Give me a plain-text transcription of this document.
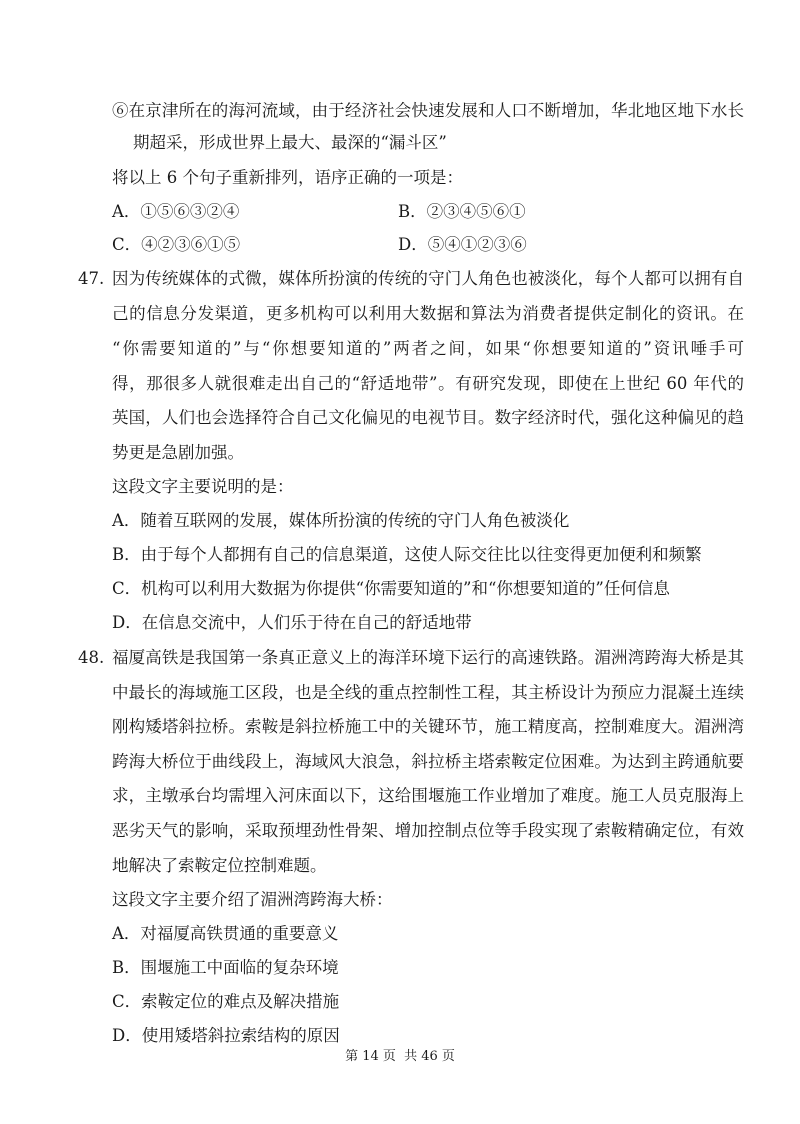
⑥在京津所在的海河流域，由于经济社会快速发展和人口不断增加，华北地区地下水长
期超采，形成世界上最大、最深的“漏斗区”
将以上 6 个句子重新排列，语序正确的一项是：
A．①⑤⑥③②④	B．②③④⑤⑥①
C．④②③⑥①⑤	D．⑤④①②③⑥
47. 因为传统媒体的式微，媒体所扮演的传统的守门人角色也被淡化，每个人都可以拥有自
己的信息分发渠道，更多机构可以利用大数据和算法为消费者提供定制化的资讯。在
“你需要知道的”与“你想要知道的”两者之间，如果“你想要知道的”资讯唾手可
得，那很多人就很难走出自己的“舒适地带”。有研究发现，即使在上世纪 60 年代的
英国，人们也会选择符合自己文化偏见的电视节目。数字经济时代，强化这种偏见的趋
势更是急剧加强。
这段文字主要说明的是：
A．随着互联网的发展，媒体所扮演的传统的守门人角色被淡化
B．由于每个人都拥有自己的信息渠道，这使人际交往比以往变得更加便利和频繁
C．机构可以利用大数据为你提供“你需要知道的”和“你想要知道的”任何信息
D．在信息交流中，人们乐于待在自己的舒适地带
48. 福厦高铁是我国第一条真正意义上的海洋环境下运行的高速铁路。湄洲湾跨海大桥是其
中最长的海域施工区段，也是全线的重点控制性工程，其主桥设计为预应力混凝土连续
刚构矮塔斜拉桥。索鞍是斜拉桥施工中的关键环节，施工精度高，控制难度大。湄洲湾
跨海大桥位于曲线段上，海域风大浪急，斜拉桥主塔索鞍定位困难。为达到主跨通航要
求，主墩承台均需埋入河床面以下，这给围堰施工作业增加了难度。施工人员克服海上
恶劣天气的影响，采取预埋劲性骨架、增加控制点位等手段实现了索鞍精确定位，有效
地解决了索鞍定位控制难题。
这段文字主要介绍了湄洲湾跨海大桥：
A．对福厦高铁贯通的重要意义
B．围堰施工中面临的复杂环境
C．索鞍定位的难点及解决措施
D．使用矮塔斜拉索结构的原因
第 14 页 共 46 页
